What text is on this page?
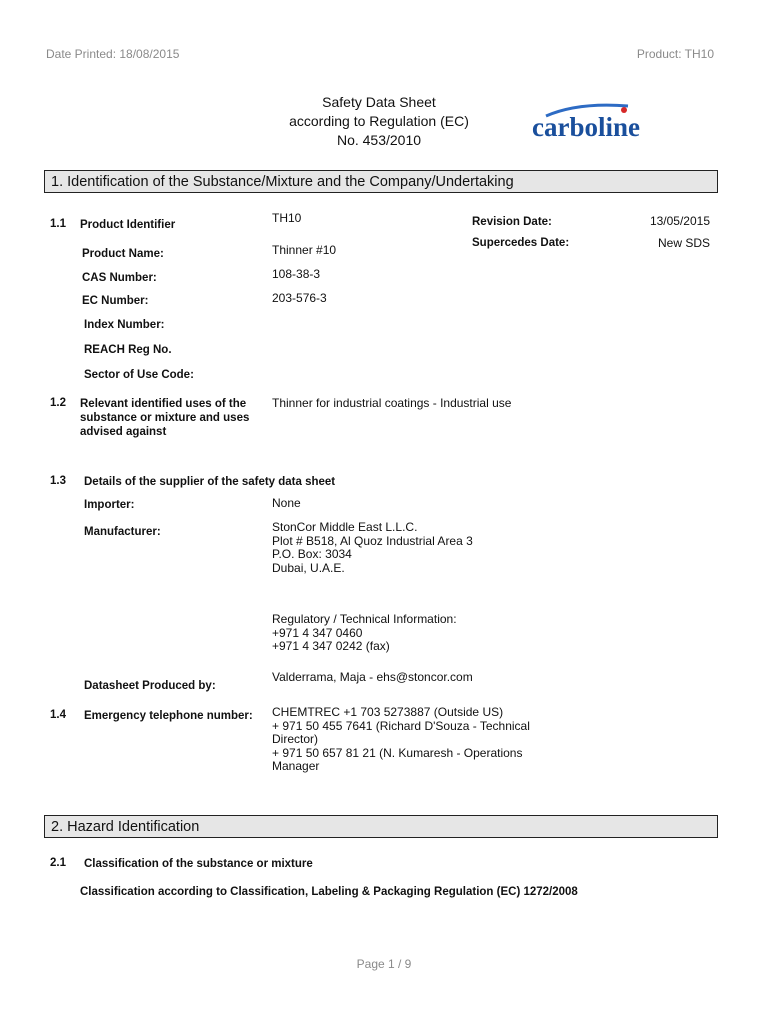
Date Printed: 18/08/2015	Product: TH10
Safety Data Sheet
according to Regulation (EC)
No. 453/2010	carboline
1. Identification of the Substance/Mixture and the Company/Undertaking
1.1 Product Identifier	TH10
Product Name:	Thinner #10
CAS Number:	108-38-3
EC Number:	203-576-3
Index Number:
REACH Reg No.
Sector of Use Code:
Revision Date:	13/05/2015
Supercedes Date:	New SDS
1.2 Relevant identified uses of the substance or mixture and uses advised against
Thinner for industrial coatings - Industrial use
1.3 Details of the supplier of the safety data sheet
Importer:	None
Manufacturer:	StonCor Middle East L.L.C.
Plot # B518, Al Quoz Industrial Area 3
P.O. Box: 3034
Dubai, U.A.E.
Regulatory / Technical Information:
+971 4 347 0460
+971 4 347 0242 (fax)
Datasheet Produced by:
Valderrama, Maja - ehs@stoncor.com
1.4 Emergency telephone number: CHEMTREC +1 703 5273887 (Outside US)
+ 971 50 455 7641 (Richard D'Souza - Technical
Director)
+ 971 50 657 81 21 (N. Kumaresh - Operations
Manager
2. Hazard Identification
2.1 Classification of the substance or mixture
Classification according to Classification, Labeling & Packaging Regulation (EC) 1272/2008
Page 1 / 9
